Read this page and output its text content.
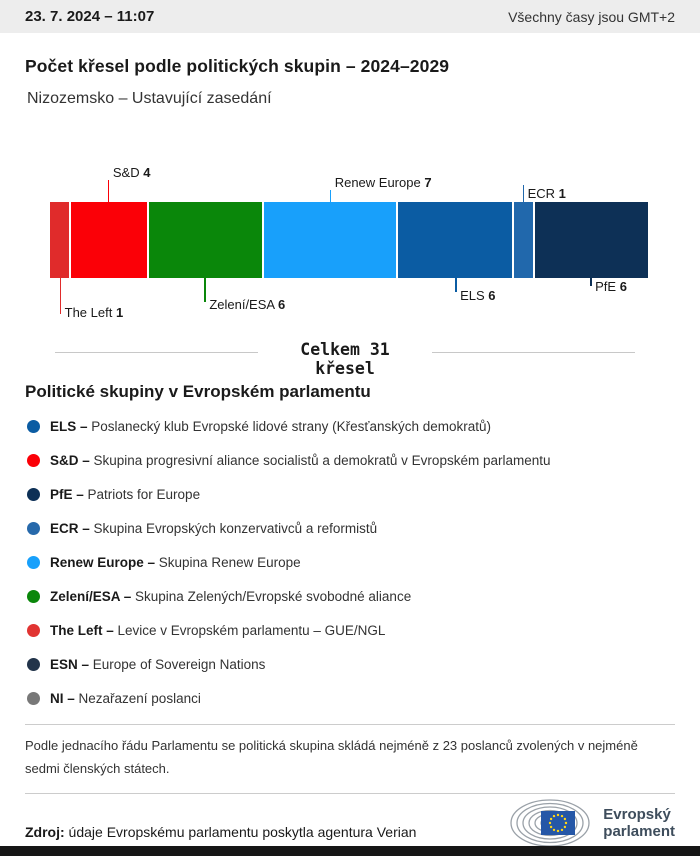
23. 7. 2024 – 11:07	Všechny časy jsou GMT+2
Počet křesel podle politických skupin – 2024–2029
Nizozemsko – Ustavující zasedání
The Left 1
S&D 4
Zelení/ESA 6
Renew Europe 7
ELS 6
ECR 1
PfE 6
Celkem 31
křesel
Politické skupiny v Evropském parlamentu
ELS – Poslanecký klub Evropské lidové strany (Křesťanských demokratů)
S&D – Skupina progresivní aliance socialistů a demokratů v Evropském parlamentu
PfE – Patriots for Europe
ECR – Skupina Evropských konzervativců a reformistů
Renew Europe – Skupina Renew Europe
Zelení/ESA – Skupina Zelených/Evropské svobodné aliance
The Left – Levice v Evropském parlamentu – GUE/NGL
ESN – Europe of Sovereign Nations
NI – Nezařazení poslanci
Podle jednacího řádu Parlamentu se politická skupina skládá nejméně z 23 poslanců zvolených v nejméně sedmi členských státech.
Zdroj: údaje Evropskému parlamentu poskytla agentura Verian
Evropský
parlament
